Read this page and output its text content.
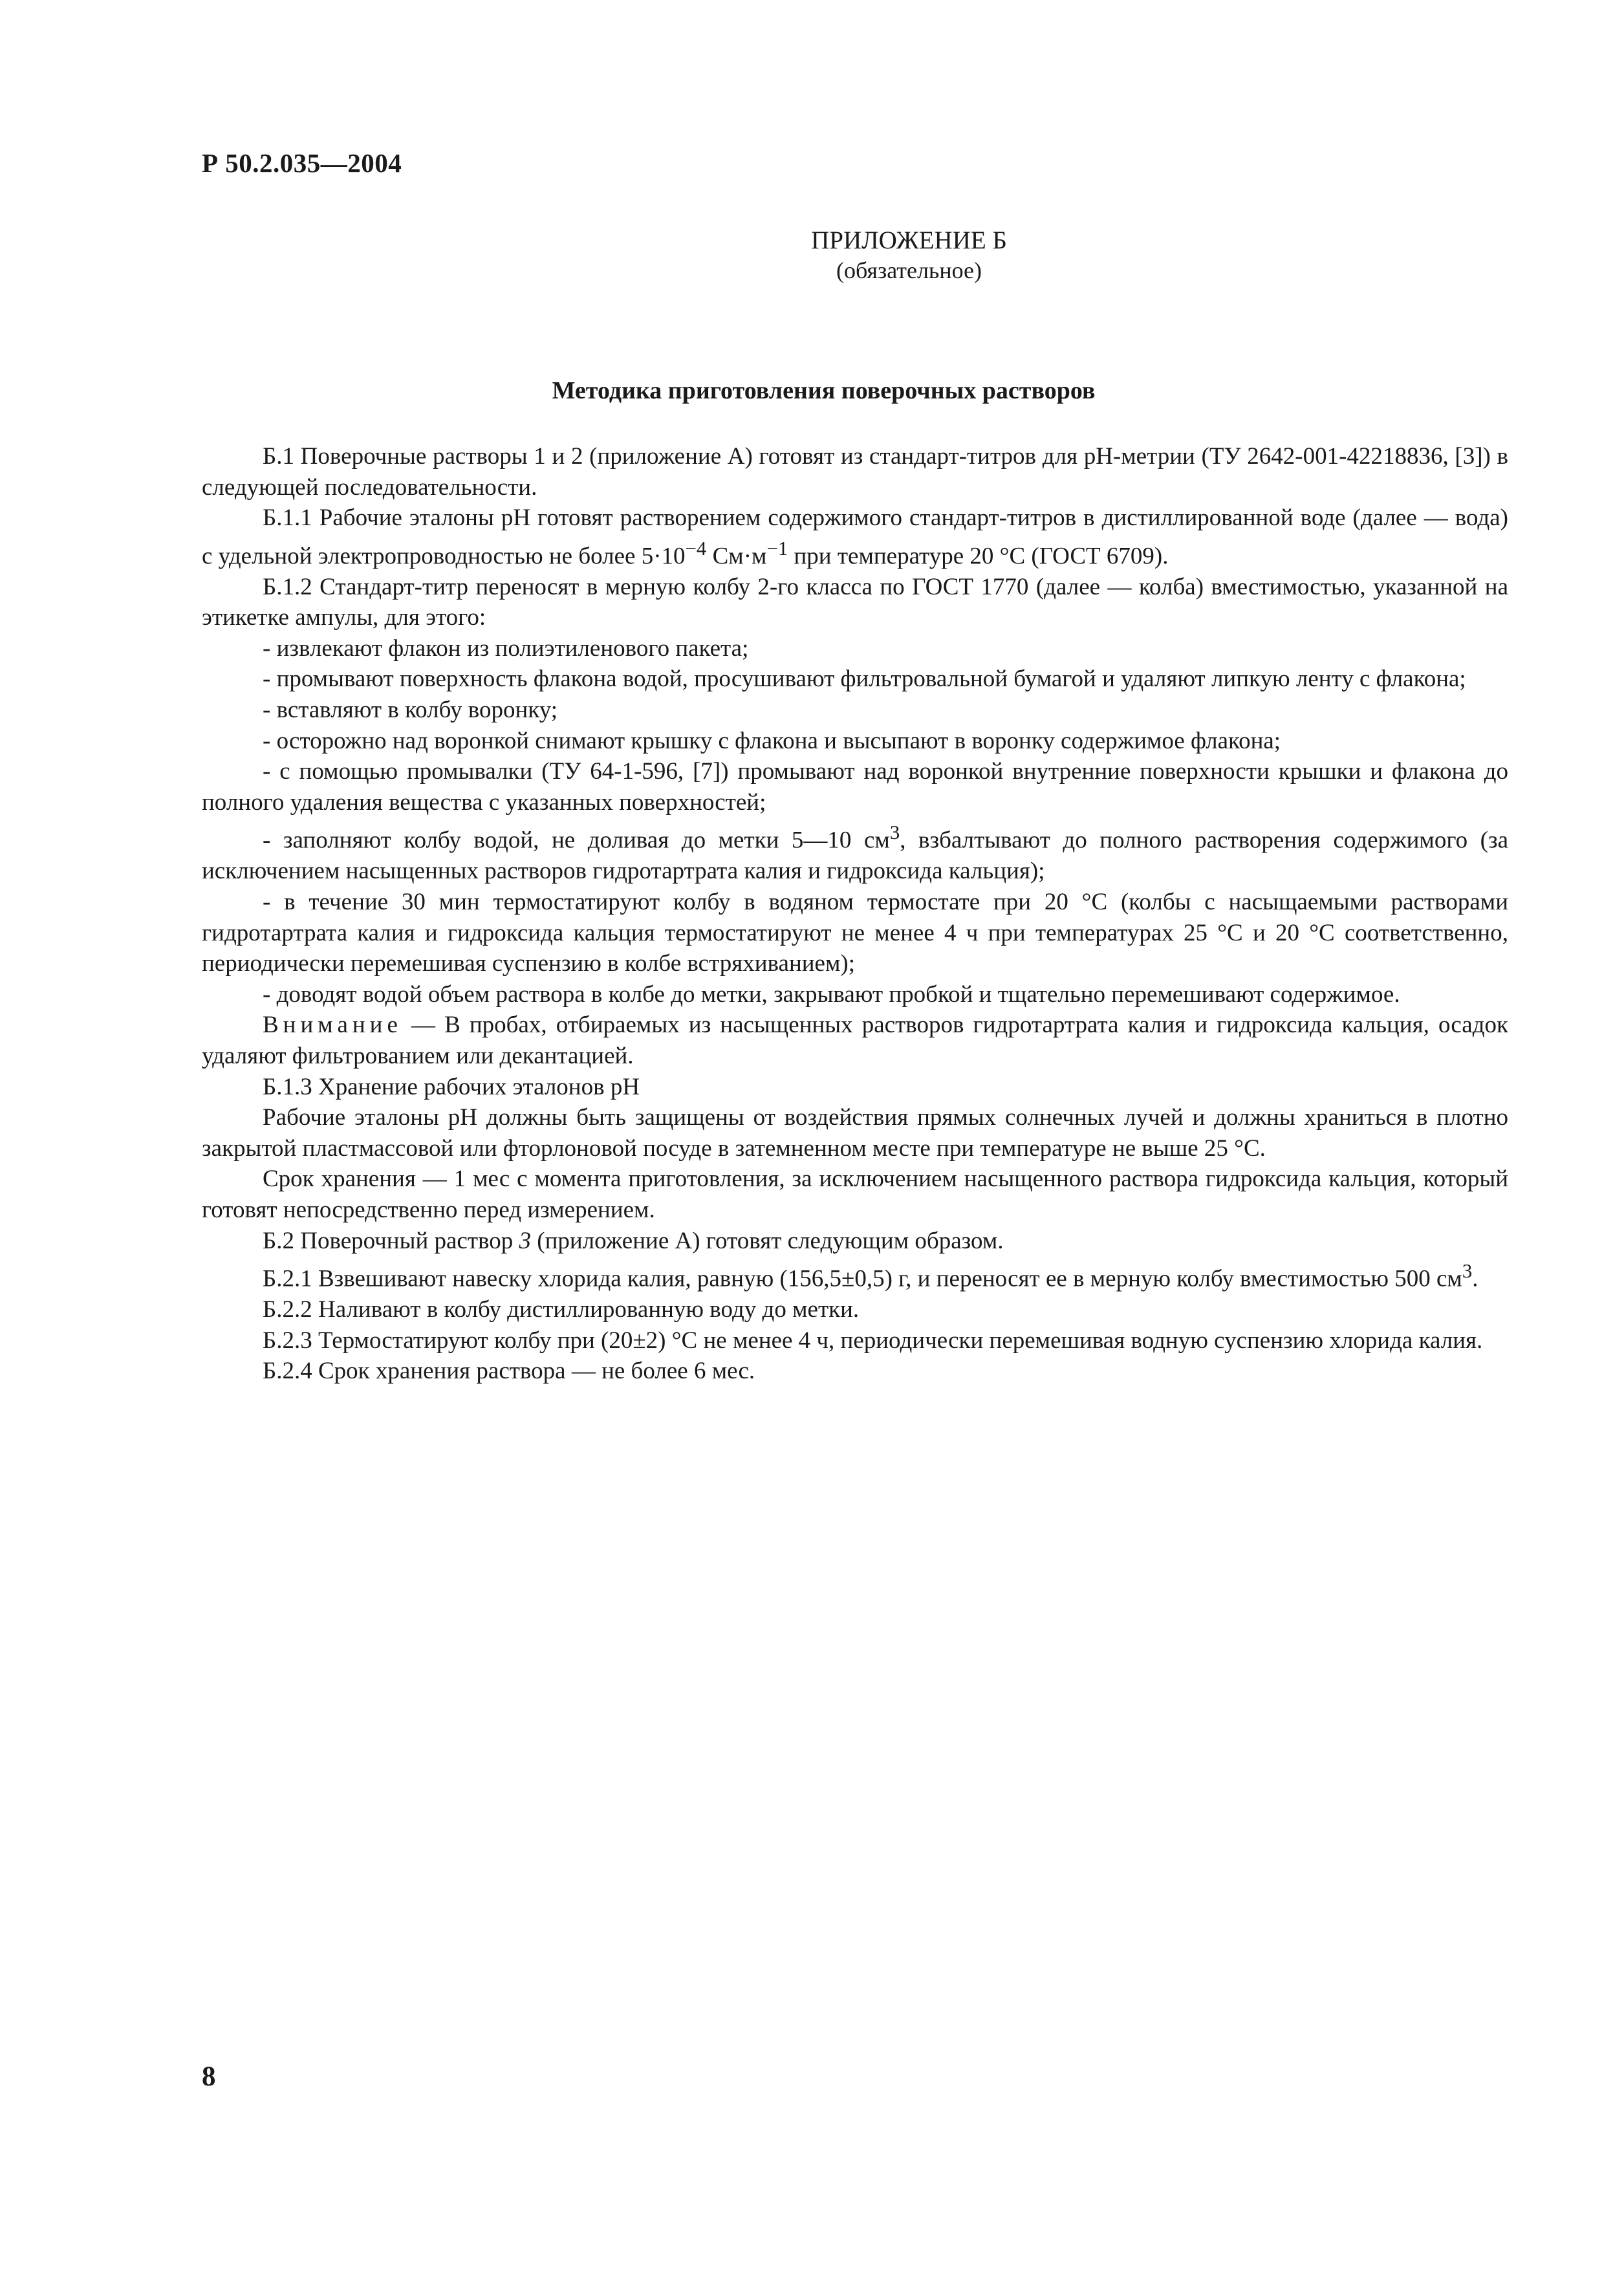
Р 50.2.035—2004
ПРИЛОЖЕНИЕ Б
(обязательное)
Методика приготовления поверочных растворов

Б.1 Поверочные растворы 1 и 2 (приложение А) готовят из стандарт-титров для рН-метрии (ТУ 2642-001-42218836, [3]) в следующей последовательности.

Б.1.1 Рабочие эталоны рН готовят растворением содержимого стандарт-титров в дистиллированной воде (далее — вода) с удельной электропроводностью не более $5\cdot 10^{-4}$ $См\cdot м^{-1}$ при температуре 20 °С (ГОСТ 6709).

Б.1.2 Стандарт-титр переносят в мерную колбу 2-го класса по ГОСТ 1770 (далее — колба) вместимостью, указанной на этикетке ампулы, для этого:

- извлекают флакон из полиэтиленового пакета;

- промывают поверхность флакона водой, просушивают фильтровальной бумагой и удаляют липкую ленту с флакона;

- вставляют в колбу воронку;

- осторожно над воронкой снимают крышку с флакона и высыпают в воронку содержимое флакона;

- с помощью промывалки (ТУ 64-1-596, [7]) промывают над воронкой внутренние поверхности крышки и флакона до полного удаления вещества с указанных поверхностей;

- заполняют колбу водой, не доливая до метки 5—10 $см^3$, взбалтывают до полного растворения содержимого (за исключением насыщенных растворов гидротартрата калия и гидроксида кальция);

- в течение 30 мин термостатируют колбу в водяном термостате при 20 °С (колбы с насыщаемыми растворами гидротартрата калия и гидроксида кальция термостатируют не менее 4 ч при температурах 25 °С и 20 °С соответственно, периодически перемешивая суспензию в колбе встряхиванием);

- доводят водой объем раствора в колбе до метки, закрывают пробкой и тщательно перемешивают содержимое.

Внимание — В пробах, отбираемых из насыщенных растворов гидротартрата калия и гидроксида кальция, осадок удаляют фильтрованием или декантацией.

Б.1.3 Хранение рабочих эталонов рН

Рабочие эталоны рН должны быть защищены от воздействия прямых солнечных лучей и должны храниться в плотно закрытой пластмассовой или фторлоновой посуде в затемненном месте при температуре не выше 25 °С.

Срок хранения — 1 мес с момента приготовления, за исключением насыщенного раствора гидроксида кальция, который готовят непосредственно перед измерением.

Б.2 Поверочный раствор 3 (приложение А) готовят следующим образом.

Б.2.1 Взвешивают навеску хлорида калия, равную (156,5±0,5) г, и переносят ее в мерную колбу вместимостью 500 $см^3$.

Б.2.2 Наливают в колбу дистиллированную воду до метки.

Б.2.3 Термостатируют колбу при (20±2) °С не менее 4 ч, периодически перемешивая водную суспензию хлорида калия.

Б.2.4 Срок хранения раствора — не более 6 мес.

8
